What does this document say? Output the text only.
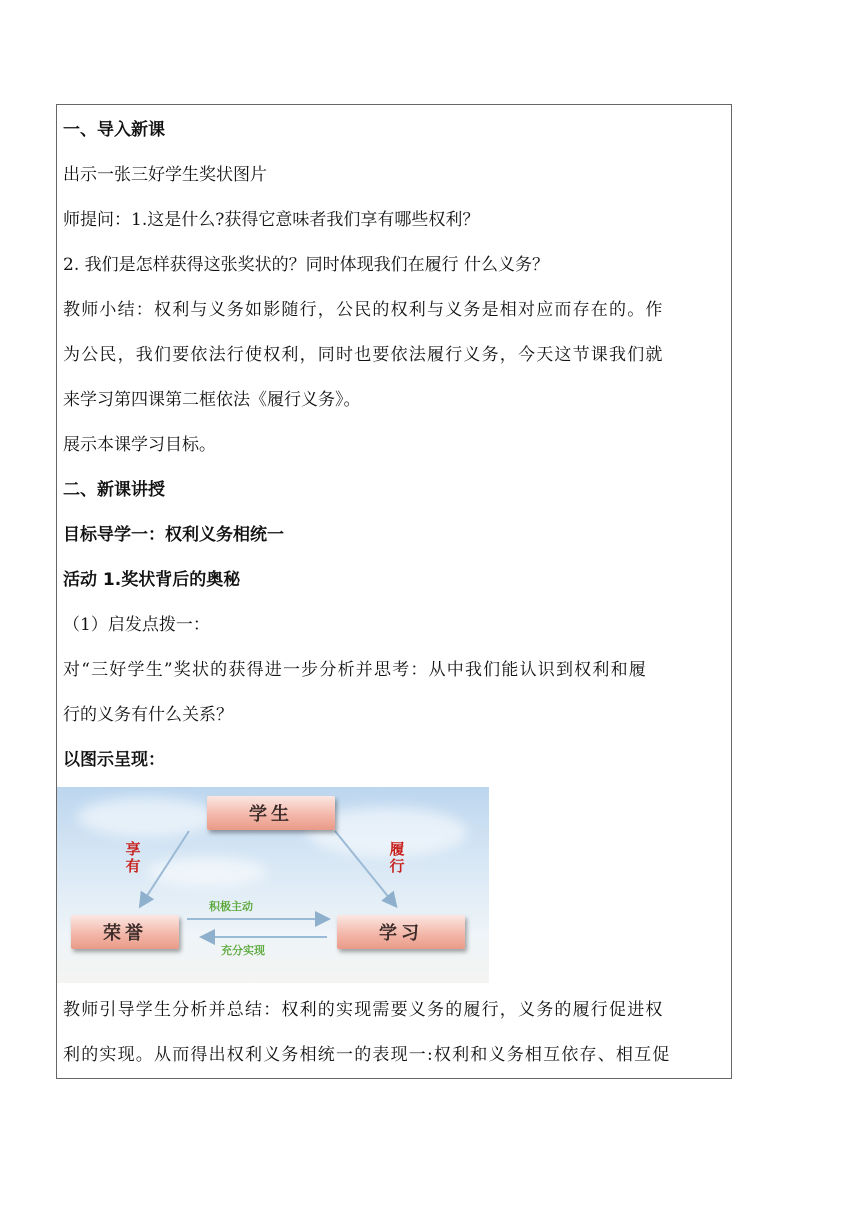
一、导入新课
出示一张三好学生奖状图片
师提问：1.这是什么?获得它意味者我们享有哪些权利？
2. 我们是怎样获得这张奖状的？同时体现我们在履行 什么义务？
教师小结：权利与义务如影随行，公民的权利与义务是相对应而存在的。作
为公民，我们要依法行使权利，同时也要依法履行义务，今天这节课我们就
来学习第四课第二框依法《履行义务》。
展示本课学习目标。
二、新课讲授
目标导学一：权利义务相统一
活动 1.奖状背后的奥秘
（1）启发点拨一：
对“三好学生”奖状的获得进一步分析并思考：从中我们能认识到权利和履
行的义务有什么关系？
以图示呈现：
学生
荣誉	学习
享
有
履
行
积极主动
充分实现
教师引导学生分析并总结：权利的实现需要义务的履行，义务的履行促进权
利的实现。从而得出权利义务相统一的表现一:权利和义务相互依存、相互促
